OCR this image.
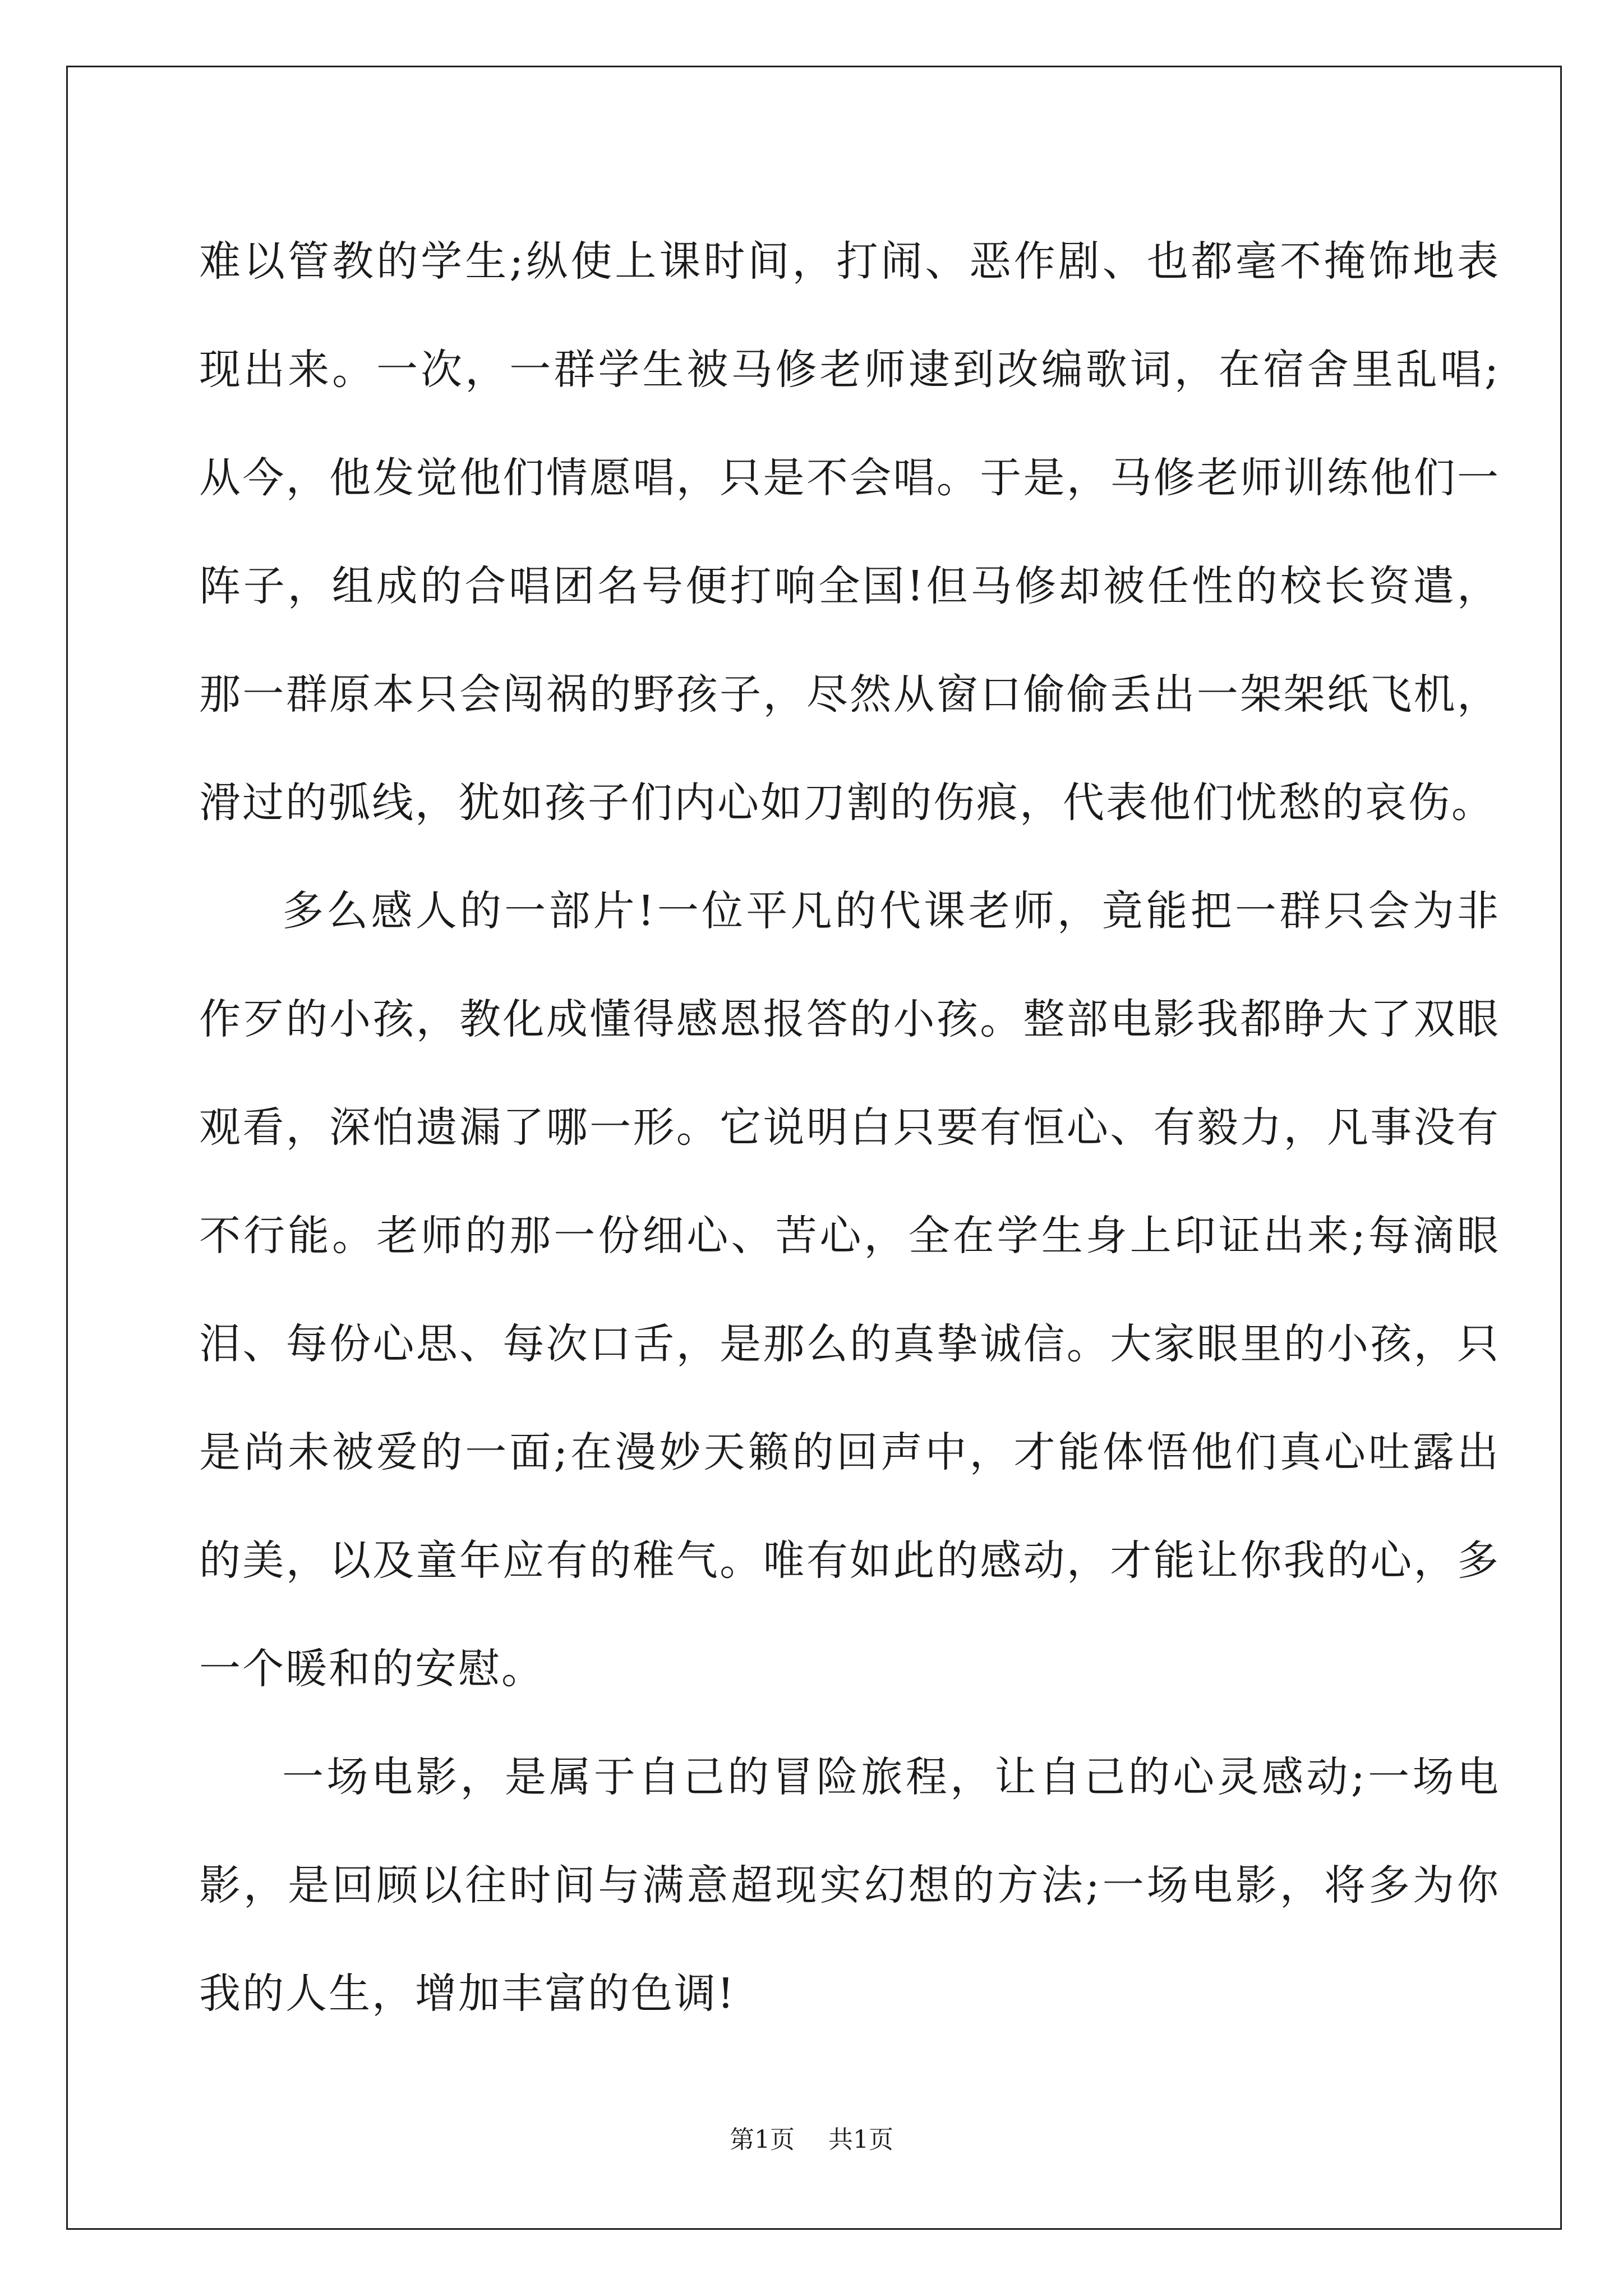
难以管教的学生;纵使上课时间，打闹、恶作剧、也都毫不掩饰地表现出来。一次，一群学生被马修老师逮到改编歌词，在宿舍里乱唱;从今，他发觉他们情愿唱，只是不会唱。于是，马修老师训练他们一阵子，组成的合唱团名号便打响全国!但马修却被任性的校长资遣，那一群原本只会闯祸的野孩子，尽然从窗口偷偷丢出一架架纸飞机，滑过的弧线，犹如孩子们内心如刀割的伤痕，代表他们忧愁的哀伤。

多么感人的一部片!一位平凡的代课老师，竟能把一群只会为非作歹的小孩，教化成懂得感恩报答的小孩。整部电影我都睁大了双眼观看，深怕遗漏了哪一形。它说明白只要有恒心、有毅力，凡事没有不行能。老师的那一份细心、苦心，全在学生身上印证出来;每滴眼泪、每份心思、每次口舌，是那么的真挚诚信。大家眼里的小孩，只是尚未被爱的一面;在漫妙天籁的回声中，才能体悟他们真心吐露出的美，以及童年应有的稚气。唯有如此的感动，才能让你我的心，多一个暖和的安慰。

一场电影，是属于自己的冒险旅程，让自己的心灵感动;一场电影，是回顾以往时间与满意超现实幻想的方法;一场电影，将多为你我的人生，增加丰富的色调!

第1页 共1页
